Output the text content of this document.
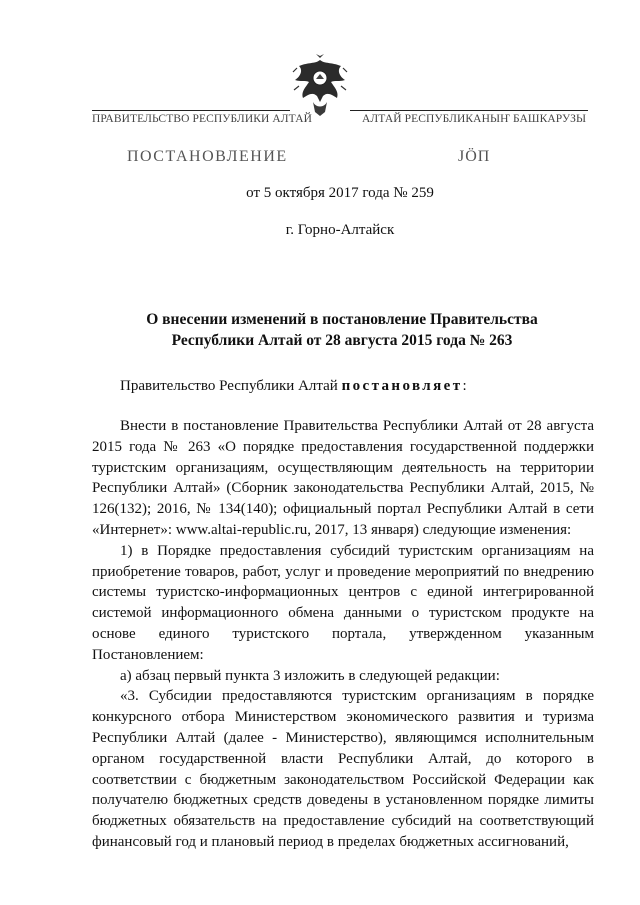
ПРАВИТЕЛЬСТВО РЕСПУБЛИКИ АЛТАЙ	АЛТАЙ РЕСПУБЛИКАНЫҤ БАШКАРУЗЫ
ПОСТАНОВЛЕНИЕ	JÖП
от 5 октября 2017 года № 259
г. Горно-Алтайск
О внесении изменений в постановление Правительства
Республики Алтай от 28 августа 2015 года № 263
Правительство Республики Алтай постановляет:

Внести в постановление Правительства Республики Алтай от 28 августа 2015 года № 263 «О порядке предоставления государственной поддержки туристским организациям, осуществляющим деятельность на территории Республики Алтай» (Сборник законодательства Республики Алтай, 2015, № 126(132); 2016, № 134(140); официальный портал Республики Алтай в сети «Интернет»: www.altai-republic.ru, 2017, 13 января) следующие изменения:

1) в Порядке предоставления субсидий туристским организациям на приобретение товаров, работ, услуг и проведение мероприятий по внедрению системы туристско-информационных центров с единой интегрированной системой информационного обмена данными о туристском продукте на основе единого туристского портала, утвержденном указанным Постановлением:

а) абзац первый пункта 3 изложить в следующей редакции:

«3. Субсидии предоставляются туристским организациям в порядке конкурсного отбора Министерством экономического развития и туризма Республики Алтай (далее - Министерство), являющимся исполнительным органом государственной власти Республики Алтай, до которого в соответствии с бюджетным законодательством Российской Федерации как получателю бюджетных средств доведены в установленном порядке лимиты бюджетных обязательств на предоставление субсидий на соответствующий финансовый год и плановый период в пределах бюджетных ассигнований,
